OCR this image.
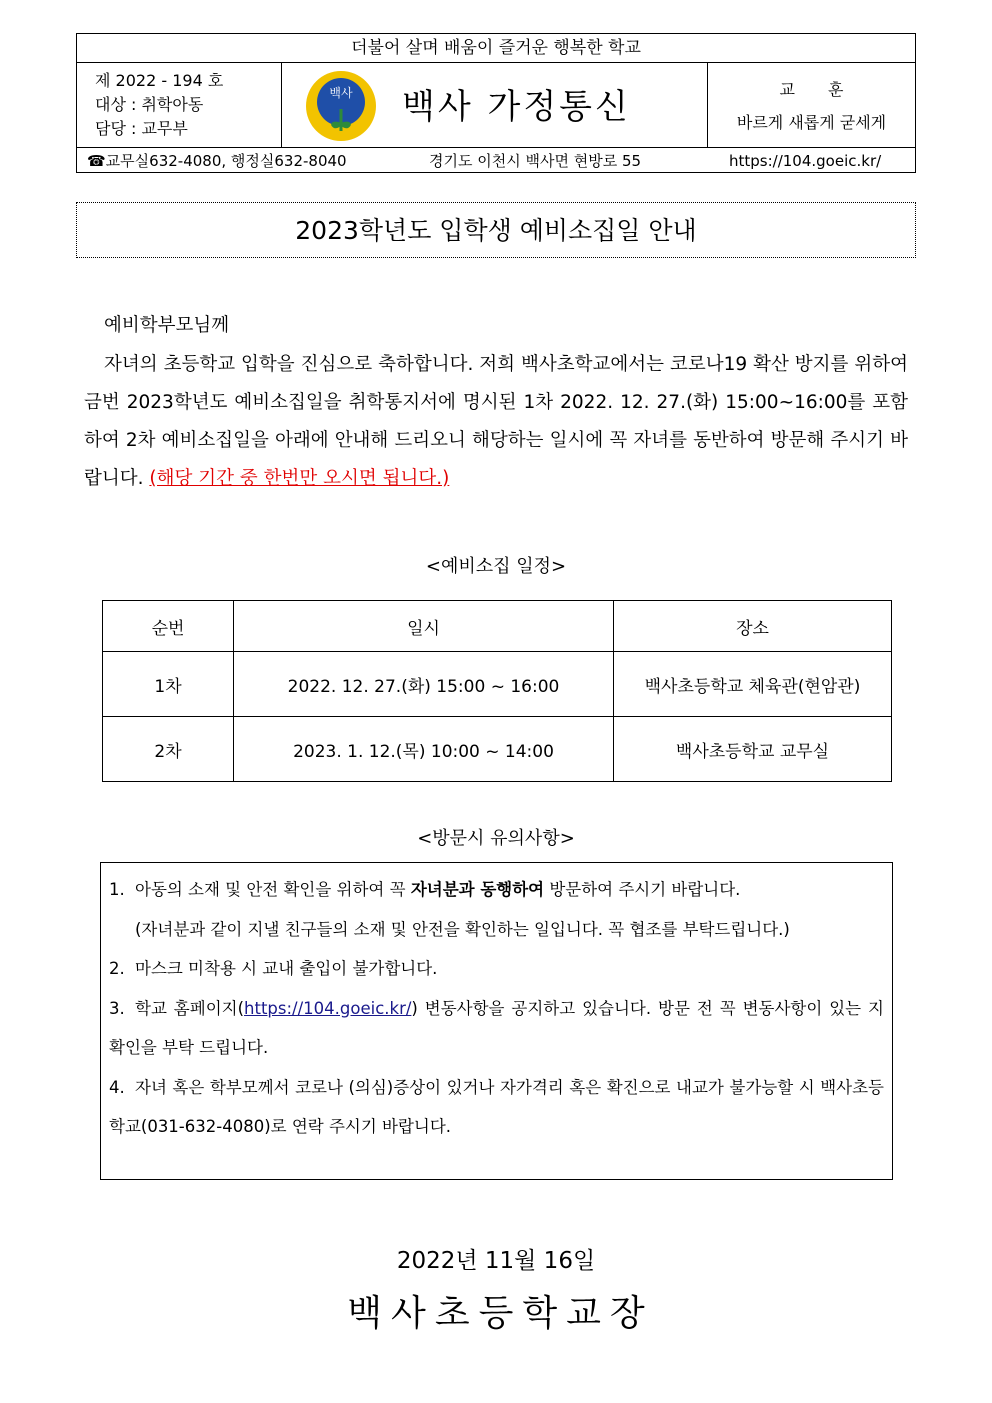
더불어 살며 배움이 즐거운 행복한 학교
제 2022 - 194 호
대상 : 취학아동
담당 : 교무부
백사 백사 가정통신	교 훈
바르게 새롭게 굳세게
☎교무실632-4080, 행정실632-8040	경기도 이천시 백사면 현방로 55	https://104.goeic.kr/
2023학년도 입학생 예비소집일 안내
예비학부모님께
자녀의 초등학교 입학을 진심으로 축하합니다. 저희 백사초학교에서는 코로나19 확산 방지를 위하여 금번 2023학년도 예비소집일을 취학통지서에 명시된 1차 2022. 12. 27.(화) 15:00~16:00를 포함하여 2차 예비소집일을 아래에 안내해 드리오니 해당하는 일시에 꼭 자녀를 동반하여 방문해 주시기 바랍니다. (해당 기간 중 한번만 오시면 됩니다.)
<예비소집 일정>
순번	일시	장소
1차	2022. 12. 27.(화) 15:00 ~ 16:00	백사초등학교 체육관(현암관)
2차	2023. 1. 12.(목) 10:00 ~ 14:00	백사초등학교 교무실
<방문시 유의사항>
1. 아동의 소재 및 안전 확인을 위하여 꼭 자녀분과 동행하여 방문하여 주시기 바랍니다.
(자녀분과 같이 지낼 친구들의 소재 및 안전을 확인하는 일입니다. 꼭 협조를 부탁드립니다.)
2. 마스크 미착용 시 교내 출입이 불가합니다.
3. 학교 홈페이지(https://104.goeic.kr/) 변동사항을 공지하고 있습니다. 방문 전 꼭 변동사항이 있는 지 확인을 부탁 드립니다.
4. 자녀 혹은 학부모께서 코로나 (의심)증상이 있거나 자가격리 혹은 확진으로 내교가 불가능할 시 백사초등학교(031-632-4080)로 연락 주시기 바랍니다.
2022년 11월 16일
백사초등학교장
